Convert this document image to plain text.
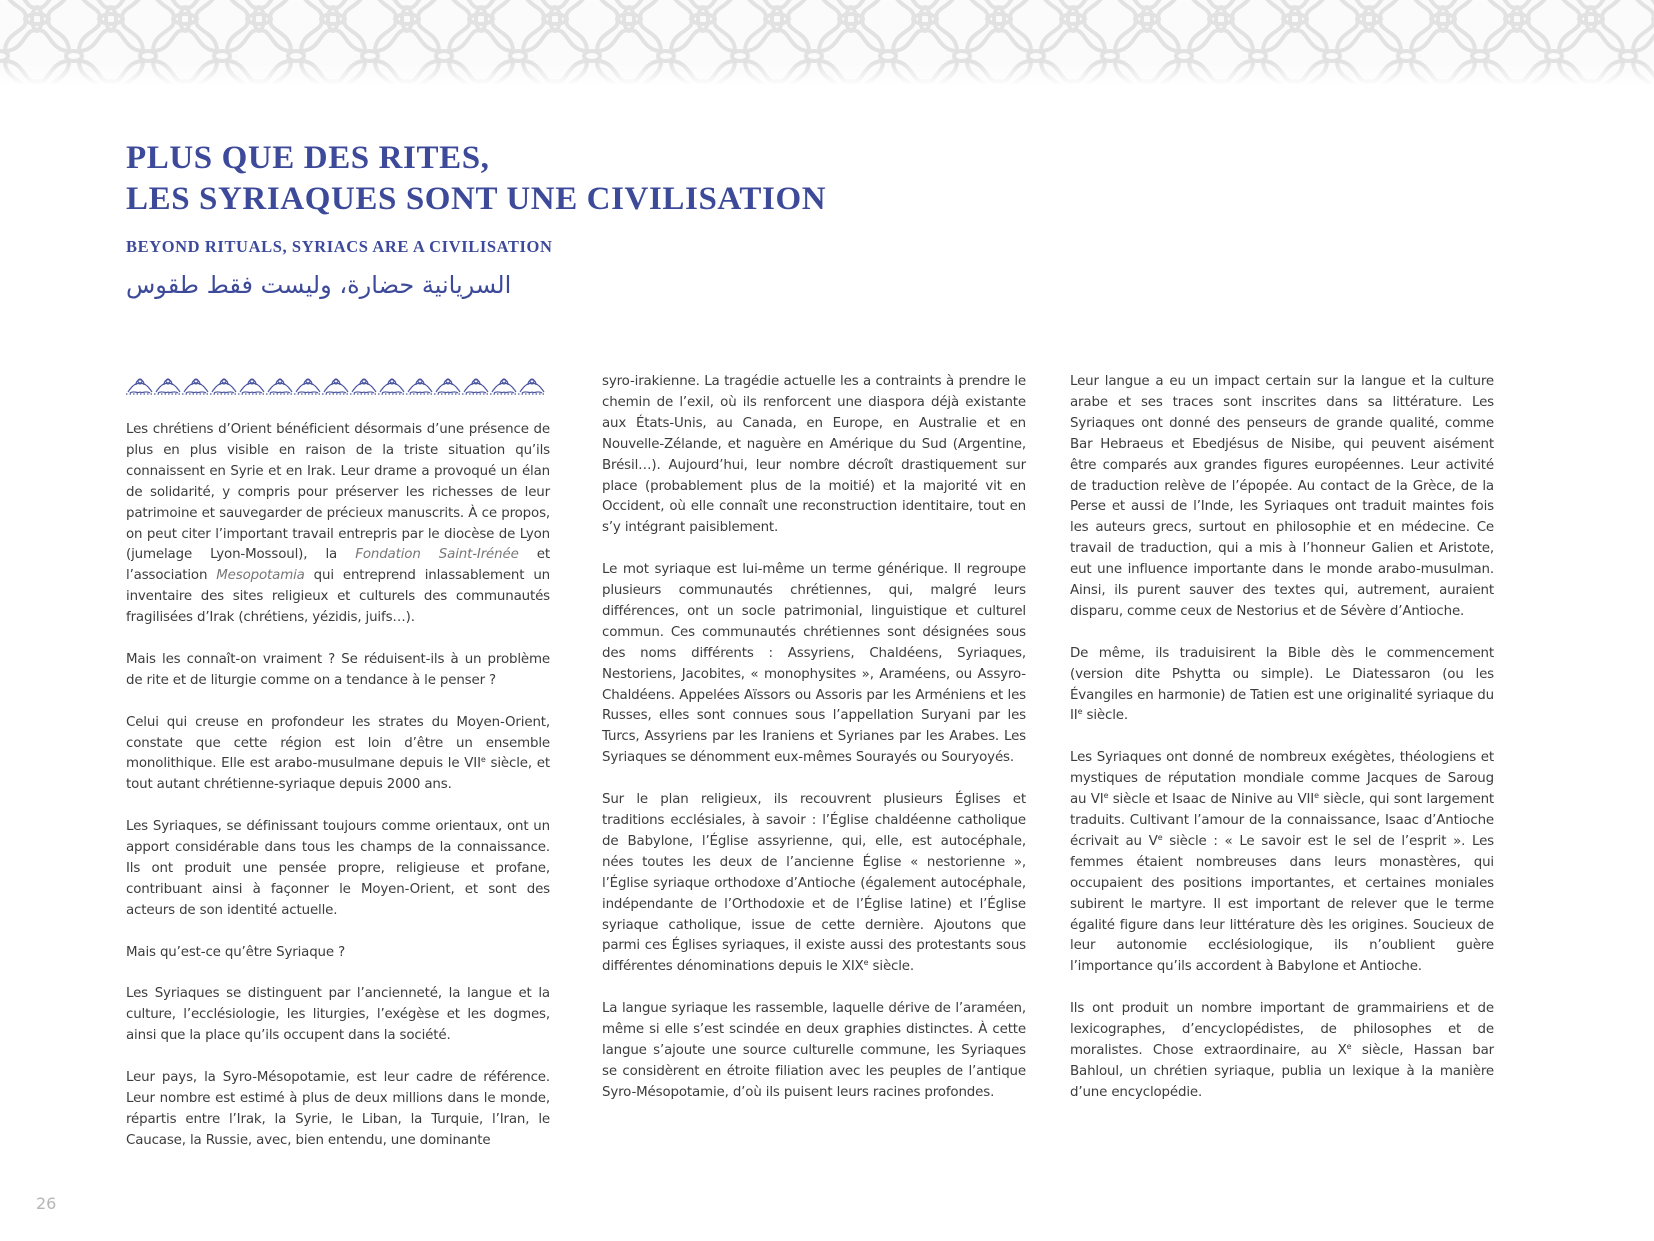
PLUS QUE DES RITES,
LES SYRIAQUES SONT UNE CIVILISATION
BEYOND RITUALS, SYRIACS ARE A CIVILISATION
السريانية حضارة، وليست فقط طقوس

Les chrétiens d’Orient bénéficient désormais d’une présence de plus en plus visible en raison de la triste situation qu’ils connaissent en Syrie et en Irak. Leur drame a provoqué un élan de solidarité, y compris pour préserver les richesses de leur patrimoine et sauvegarder de précieux manuscrits. À ce propos, on peut citer l’important travail entrepris par le diocèse de Lyon (jumelage Lyon-Mossoul), la Fondation Saint-Irénée et l’association Mesopotamia qui entreprend inlassablement un inventaire des sites religieux et culturels des communautés fragilisées d’Irak (chrétiens, yézidis, juifs…).

Mais les connaît-on vraiment ? Se réduisent-ils à un problème de rite et de liturgie comme on a tendance à le penser ?

Celui qui creuse en profondeur les strates du Moyen-Orient, constate que cette région est loin d’être un ensemble monolithique. Elle est arabo-musulmane depuis le VIIe siècle, et tout autant chrétienne-syriaque depuis 2000 ans.

Les Syriaques, se définissant toujours comme orientaux, ont un apport considérable dans tous les champs de la connaissance. Ils ont produit une pensée propre, religieuse et profane, contribuant ainsi à façonner le Moyen-Orient, et sont des acteurs de son identité actuelle.

Mais qu’est-ce qu’être Syriaque ?

Les Syriaques se distinguent par l’ancienneté, la langue et la culture, l’ecclésiologie, les liturgies, l’exégèse et les dogmes, ainsi que la place qu’ils occupent dans la société.

Leur pays, la Syro-Mésopotamie, est leur cadre de référence. Leur nombre est estimé à plus de deux millions dans le monde, répartis entre l’Irak, la Syrie, le Liban, la Turquie, l’Iran, le Caucase, la Russie, avec, bien entendu, une dominante

syro-irakienne. La tragédie actuelle les a contraints à prendre le chemin de l’exil, où ils renforcent une diaspora déjà existante aux États-Unis, au Canada, en Europe, en Australie et en Nouvelle-Zélande, et naguère en Amérique du Sud (Argentine, Brésil…). Aujourd’hui, leur nombre décroît drastiquement sur place (probablement plus de la moitié) et la majorité vit en Occident, où elle connaît une reconstruction identitaire, tout en s’y intégrant paisiblement.

Le mot syriaque est lui-même un terme générique. Il regroupe plusieurs communautés chrétiennes, qui, malgré leurs différences, ont un socle patrimonial, linguistique et culturel commun. Ces communautés chrétiennes sont désignées sous des noms différents : Assyriens, Chaldéens, Syriaques, Nestoriens, Jacobites, « monophysites », Araméens, ou Assyro-Chaldéens. Appelées Aïssors ou Assoris par les Arméniens et les Russes, elles sont connues sous l’appellation Suryani par les Turcs, Assyriens par les Iraniens et Syrianes par les Arabes. Les Syriaques se dénomment eux-mêmes Sourayés ou Souryoyés.

Sur le plan religieux, ils recouvrent plusieurs Églises et traditions ecclésiales, à savoir : l’Église chaldéenne catholique de Babylone, l’Église assyrienne, qui, elle, est autocéphale, nées toutes les deux de l’ancienne Église « nestorienne », l’Église syriaque orthodoxe d’Antioche (également autocéphale, indépendante de l’Orthodoxie et de l’Église latine) et l’Église syriaque catholique, issue de cette dernière. Ajoutons que parmi ces Églises syriaques, il existe aussi des protestants sous différentes dénominations depuis le XIXe siècle.

La langue syriaque les rassemble, laquelle dérive de l’araméen, même si elle s’est scindée en deux graphies distinctes. À cette langue s’ajoute une source culturelle commune, les Syriaques se considèrent en étroite filiation avec les peuples de l’antique Syro-Mésopotamie, d’où ils puisent leurs racines profondes.

Leur langue a eu un impact certain sur la langue et la culture arabe et ses traces sont inscrites dans sa littérature. Les Syriaques ont donné des penseurs de grande qualité, comme Bar Hebraeus et Ebedjésus de Nisibe, qui peuvent aisément être comparés aux grandes figures européennes. Leur activité de traduction relève de l’épopée. Au contact de la Grèce, de la Perse et aussi de l’Inde, les Syriaques ont traduit maintes fois les auteurs grecs, surtout en philosophie et en médecine. Ce travail de traduction, qui a mis à l’honneur Galien et Aristote, eut une influence importante dans le monde arabo-musulman. Ainsi, ils purent sauver des textes qui, autrement, auraient disparu, comme ceux de Nestorius et de Sévère d’Antioche.

De même, ils traduisirent la Bible dès le commencement (version dite Pshytta ou simple). Le Diatessaron (ou les Évangiles en harmonie) de Tatien est une originalité syriaque du IIe siècle.

Les Syriaques ont donné de nombreux exégètes, théologiens et mystiques de réputation mondiale comme Jacques de Saroug au VIe siècle et Isaac de Ninive au VIIe siècle, qui sont largement traduits. Cultivant l’amour de la connaissance, Isaac d’Antioche écrivait au Ve siècle : « Le savoir est le sel de l’esprit ». Les femmes étaient nombreuses dans leurs monastères, qui occupaient des positions importantes, et certaines moniales subirent le martyre. Il est important de relever que le terme égalité figure dans leur littérature dès les origines. Soucieux de leur autonomie ecclésiologique, ils n’oublient guère l’importance qu’ils accordent à Babylone et Antioche.

Ils ont produit un nombre important de grammairiens et de lexicographes, d’encyclopédistes, de philosophes et de moralistes. Chose extraordinaire, au Xe siècle, Hassan bar Bahloul, un chrétien syriaque, publia un lexique à la manière d’une encyclopédie.

26
